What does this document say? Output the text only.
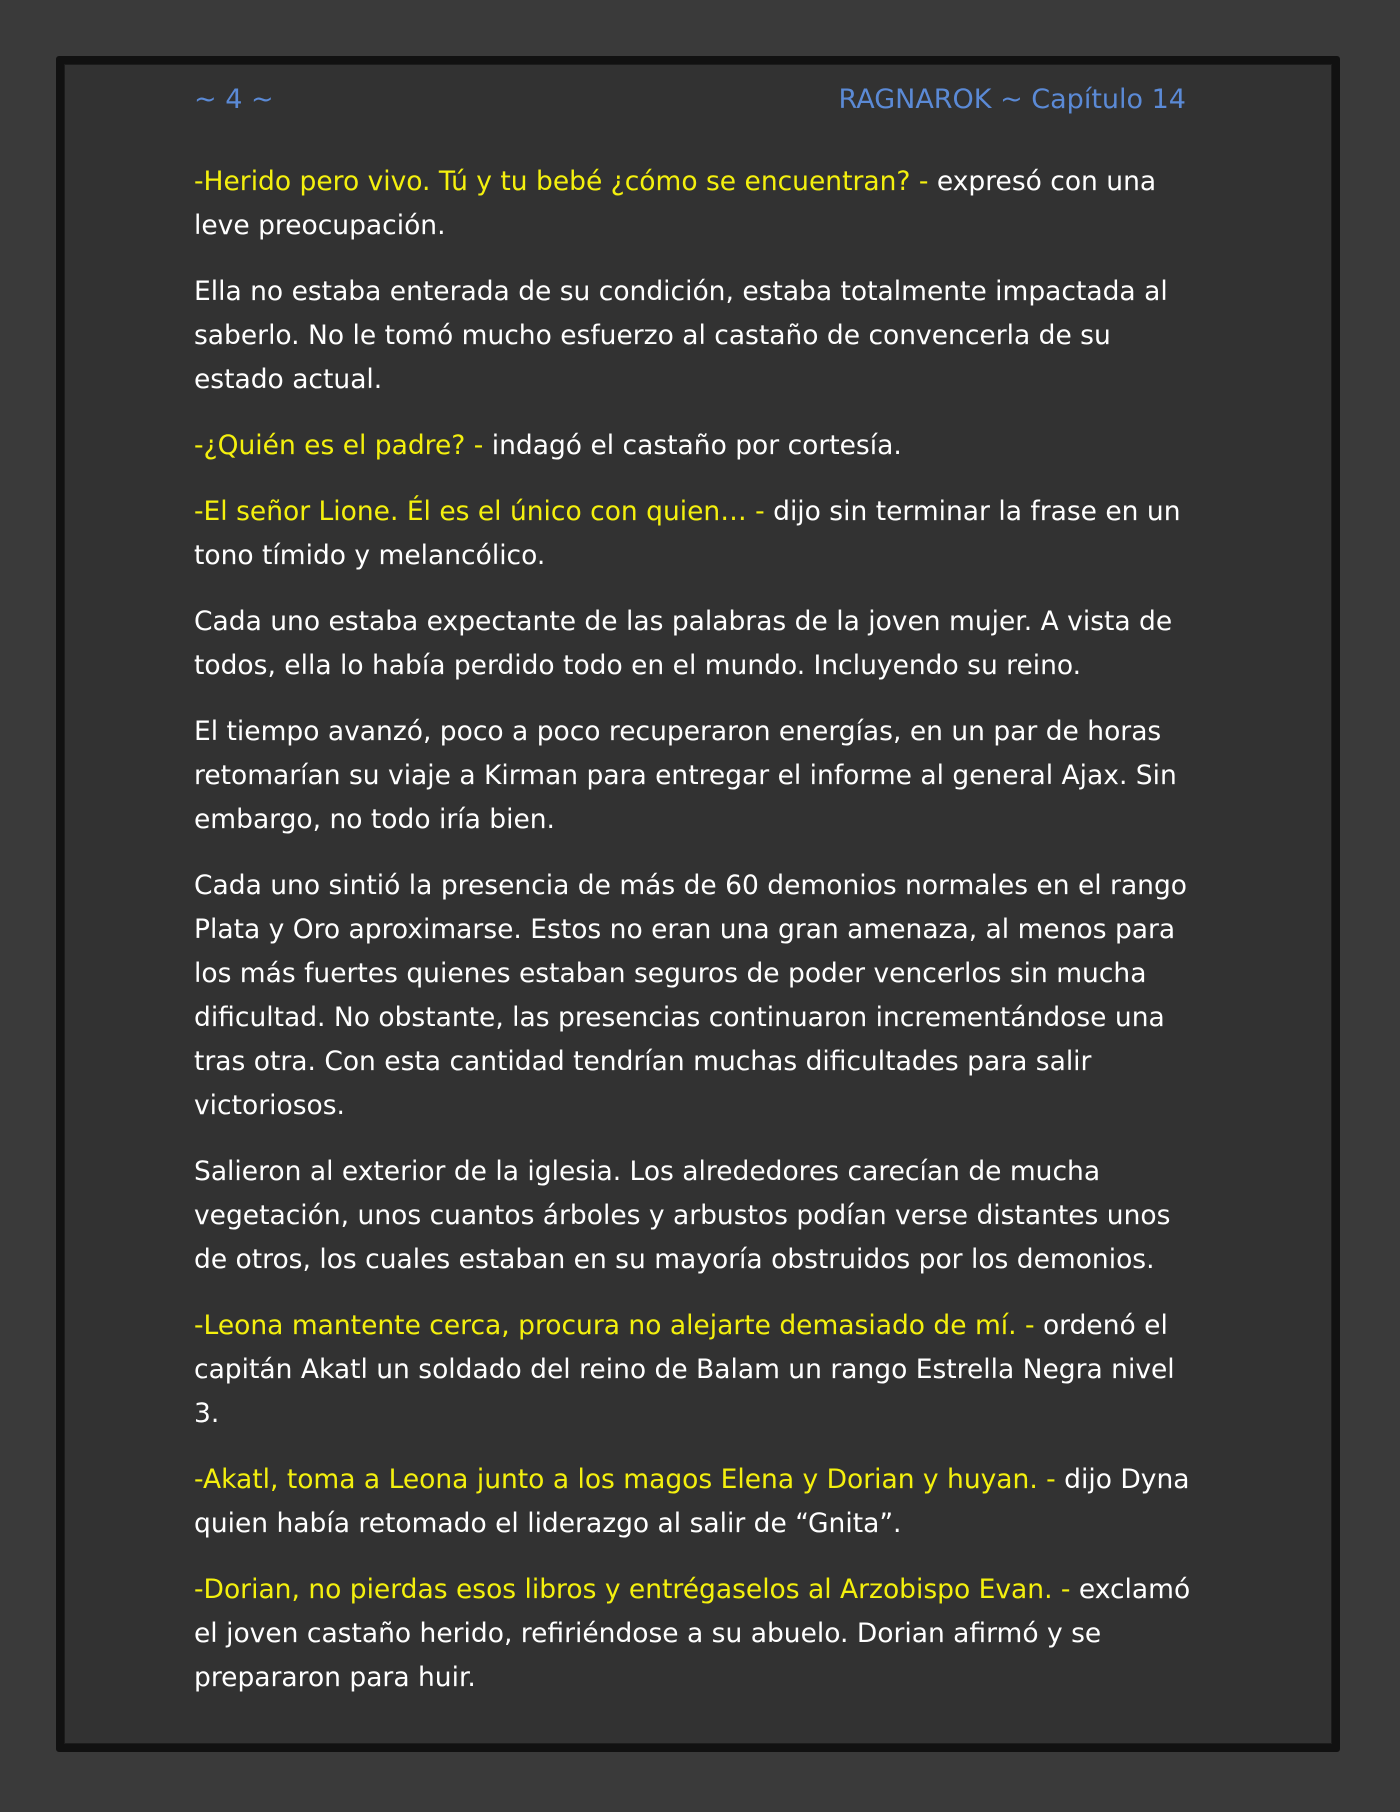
~ 4 ~	RAGNAROK ~ Capítulo 14

-Herido pero vivo. Tú y tu bebé ¿cómo se encuentran? - expresó con una leve preocupación.

Ella no estaba enterada de su condición, estaba totalmente impactada al saberlo. No le tomó mucho esfuerzo al castaño de convencerla de su estado actual.

-¿Quién es el padre? - indagó el castaño por cortesía.

-El señor Lione. Él es el único con quien… - dijo sin terminar la frase en un tono tímido y melancólico.

Cada uno estaba expectante de las palabras de la joven mujer. A vista de todos, ella lo había perdido todo en el mundo. Incluyendo su reino.

El tiempo avanzó, poco a poco recuperaron energías, en un par de horas retomarían su viaje a Kirman para entregar el informe al general Ajax. Sin embargo, no todo iría bien.

Cada uno sintió la presencia de más de 60 demonios normales en el rango Plata y Oro aproximarse. Estos no eran una gran amenaza, al menos para los más fuertes quienes estaban seguros de poder vencerlos sin mucha dificultad. No obstante, las presencias continuaron incrementándose una tras otra. Con esta cantidad tendrían muchas dificultades para salir victoriosos.

Salieron al exterior de la iglesia. Los alrededores carecían de mucha vegetación, unos cuantos árboles y arbustos podían verse distantes unos de otros, los cuales estaban en su mayoría obstruidos por los demonios.

-Leona mantente cerca, procura no alejarte demasiado de mí. - ordenó el capitán Akatl un soldado del reino de Balam un rango Estrella Negra nivel 3.

-Akatl, toma a Leona junto a los magos Elena y Dorian y huyan. - dijo Dyna quien había retomado el liderazgo al salir de “Gnita”.

-Dorian, no pierdas esos libros y entrégaselos al Arzobispo Evan. - exclamó el joven castaño herido, refiriéndose a su abuelo. Dorian afirmó y se prepararon para huir.
